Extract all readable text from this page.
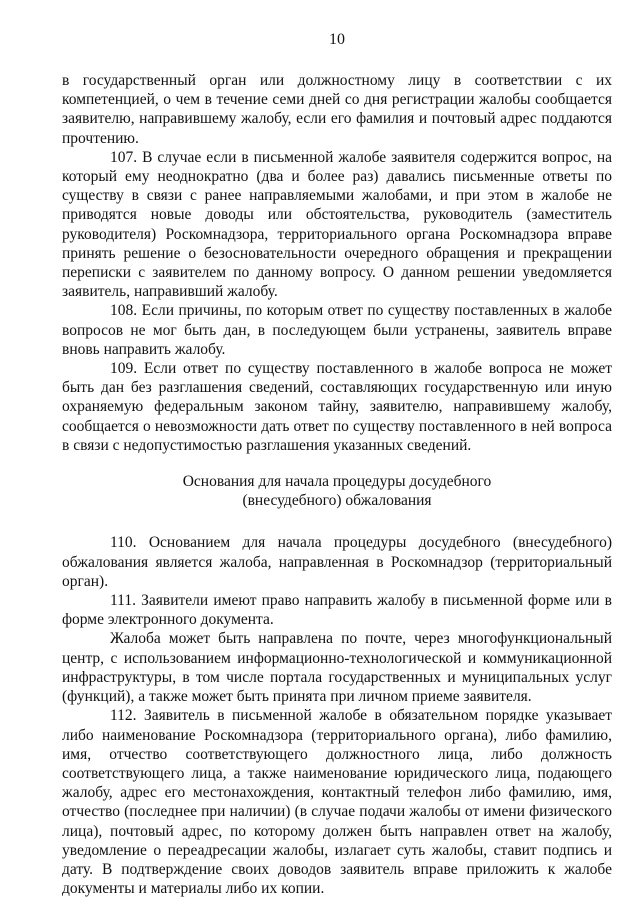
10

в государственный орган или должностному лицу в соответствии с их компетенцией, о чем в течение семи дней со дня регистрации жалобы сообщается заявителю, направившему жалобу, если его фамилия и почтовый адрес поддаются прочтению.

107. В случае если в письменной жалобе заявителя содержится вопрос, на который ему неоднократно (два и более раз) давались письменные ответы по существу в связи с ранее направляемыми жалобами, и при этом в жалобе не приводятся новые доводы или обстоятельства, руководитель (заместитель руководителя) Роскомнадзора, территориального органа Роскомнадзора вправе принять решение о безосновательности очередного обращения и прекращении переписки с заявителем по данному вопросу. О данном решении уведомляется заявитель, направивший жалобу.

108. Если причины, по которым ответ по существу поставленных в жалобе вопросов не мог быть дан, в последующем были устранены, заявитель вправе вновь направить жалобу.

109. Если ответ по существу поставленного в жалобе вопроса не может быть дан без разглашения сведений, составляющих государственную или иную охраняемую федеральным законом тайну, заявителю, направившему жалобу, сообщается о невозможности дать ответ по существу поставленного в ней вопроса в связи с недопустимостью разглашения указанных сведений.

Основания для начала процедуры досудебного
(внесудебного) обжалования

110. Основанием для начала процедуры досудебного (внесудебного) обжалования является жалоба, направленная в Роскомнадзор (территориальный орган).

111. Заявители имеют право направить жалобу в письменной форме или в форме электронного документа.

Жалоба может быть направлена по почте, через многофункциональный центр, с использованием информационно-технологической и коммуникационной инфраструктуры, в том числе портала государственных и муниципальных услуг (функций), а также может быть принята при личном приеме заявителя.

112. Заявитель в письменной жалобе в обязательном порядке указывает либо наименование Роскомнадзора (территориального органа), либо фамилию, имя, отчество соответствующего должностного лица, либо должность соответствующего лица, а также наименование юридического лица, подающего жалобу, адрес его местонахождения, контактный телефон либо фамилию, имя, отчество (последнее при наличии) (в случае подачи жалобы от имени физического лица), почтовый адрес, по которому должен быть направлен ответ на жалобу, уведомление о переадресации жалобы, излагает суть жалобы, ставит подпись и дату. В подтверждение своих доводов заявитель вправе приложить к жалобе документы и материалы либо их копии.
